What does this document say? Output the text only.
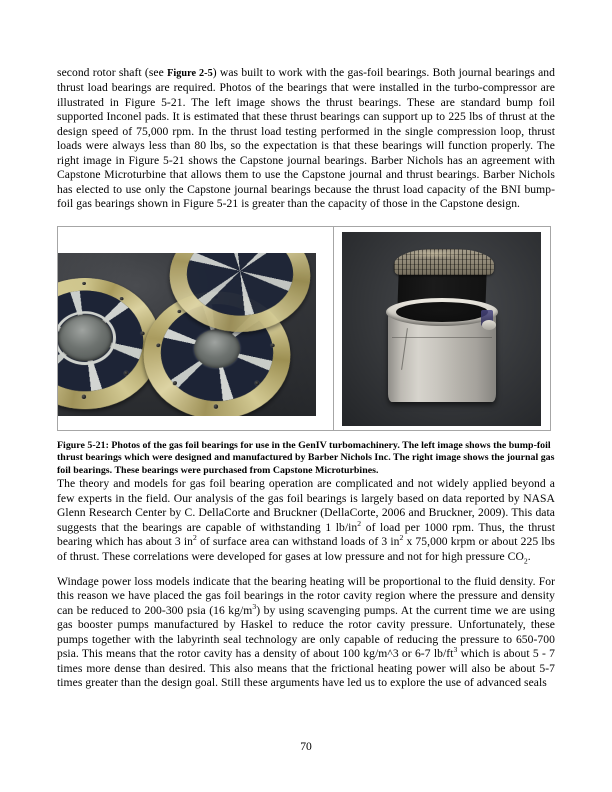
second rotor shaft (see Figure 2-5) was built to work with the gas-foil bearings. Both journal bearings and thrust load bearings are required. Photos of the bearings that were installed in the turbo-compressor are illustrated in Figure 5-21. The left image shows the thrust bearings. These are standard bump foil supported Inconel pads. It is estimated that these thrust bearings can support up to 225 lbs of thrust at the design speed of 75,000 rpm. In the thrust load testing performed in the single compression loop, thrust loads were always less than 80 lbs, so the expectation is that these bearings will function properly. The right image in Figure 5-21 shows the Capstone journal bearings. Barber Nichols has an agreement with Capstone Microturbine that allows them to use the Capstone journal and thrust bearings. Barber Nichols has elected to use only the Capstone journal bearings because the thrust load capacity of the BNI bump-foil gas bearings shown in Figure 5-21 is greater than the capacity of those in the Capstone design.

Figure 5-21: Photos of the gas foil bearings for use in the GenIV turbomachinery. The left image shows the bump-foil thrust bearings which were designed and manufactured by Barber Nichols Inc. The right image shows the journal gas foil bearings. These bearings were purchased from Capstone Microturbines.

The theory and models for gas foil bearing operation are complicated and not widely applied beyond a few experts in the field. Our analysis of the gas foil bearings is largely based on data reported by NASA Glenn Research Center by C. DellaCorte and Bruckner (DellaCorte, 2006 and Bruckner, 2009). This data suggests that the bearings are capable of withstanding 1 $lb/in^2$ of load per 1000 rpm. Thus, the thrust bearing which has about 3 $in^2$ of surface area can withstand loads of 3 $in^2$ x 75,000 krpm or about 225 lbs of thrust. These correlations were developed for gases at low pressure and not for high pressure $CO_2$.

Windage power loss models indicate that the bearing heating will be proportional to the fluid density. For this reason we have placed the gas foil bearings in the rotor cavity region where the pressure and density can be reduced to 200-300 psia (16 $kg/m^3$) by using scavenging pumps. At the current time we are using gas booster pumps manufactured by Haskel to reduce the rotor cavity pressure. Unfortunately, these pumps together with the labyrinth seal technology are only capable of reducing the pressure to 650-700 psia. This means that the rotor cavity has a density of about 100 kg/m^3 or 6-7 $lb/ft^3$ which is about 5 - 7 times more dense than desired. This also means that the frictional heating power will also be about 5-7 times greater than the design goal. Still these arguments have led us to explore the use of advanced seals

70
